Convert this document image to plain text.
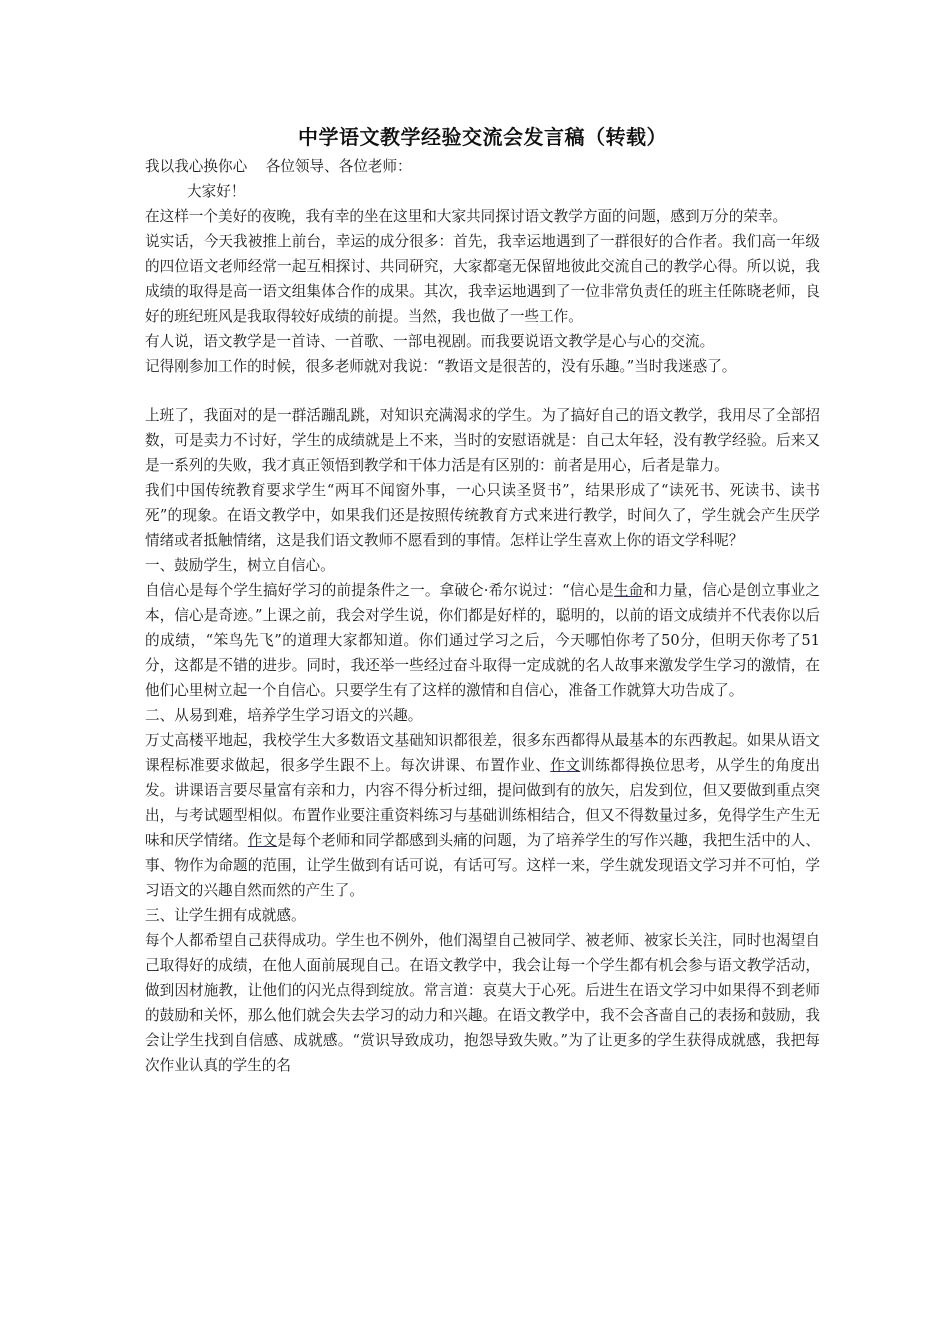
中学语文教学经验交流会发言稿（转载）

我以我心换你心    各位领导、各位老师：

大家好！

在这样一个美好的夜晚，我有幸的坐在这里和大家共同探讨语文教学方面的问题，感到万分的荣幸。

说实话，今天我被推上前台，幸运的成分很多：首先，我幸运地遇到了一群很好的合作者。我们高一年级的四位语文老师经常一起互相探讨、共同研究，大家都毫无保留地彼此交流自己的教学心得。所以说，我成绩的取得是高一语文组集体合作的成果。其次，我幸运地遇到了一位非常负责任的班主任陈晓老师，良好的班纪班风是我取得较好成绩的前提。当然，我也做了一些工作。

有人说，语文教学是一首诗、一首歌、一部电视剧。而我要说语文教学是心与心的交流。

记得刚参加工作的时候，很多老师就对我说：“教语文是很苦的，没有乐趣。”当时我迷惑了。

上班了，我面对的是一群活蹦乱跳，对知识充满渴求的学生。为了搞好自己的语文教学，我用尽了全部招数，可是卖力不讨好，学生的成绩就是上不来，当时的安慰语就是：自己太年轻，没有教学经验。后来又是一系列的失败，我才真正领悟到教学和干体力活是有区别的：前者是用心，后者是靠力。

我们中国传统教育要求学生“两耳不闻窗外事，一心只读圣贤书”，结果形成了“读死书、死读书、读书死”的现象。在语文教学中，如果我们还是按照传统教育方式来进行教学，时间久了，学生就会产生厌学情绪或者抵触情绪，这是我们语文教师不愿看到的事情。怎样让学生喜欢上你的语文学科呢？

一、鼓励学生，树立自信心。

自信心是每个学生搞好学习的前提条件之一。拿破仑·希尔说过：“信心是生命和力量，信心是创立事业之本，信心是奇迹。”上课之前，我会对学生说，你们都是好样的，聪明的，以前的语文成绩并不代表你以后的成绩，“笨鸟先飞”的道理大家都知道。你们通过学习之后，今天哪怕你考了50分，但明天你考了51分，这都是不错的进步。同时，我还举一些经过奋斗取得一定成就的名人故事来激发学生学习的激情，在他们心里树立起一个自信心。只要学生有了这样的激情和自信心，准备工作就算大功告成了。

二、从易到难，培养学生学习语文的兴趣。

万丈高楼平地起，我校学生大多数语文基础知识都很差，很多东西都得从最基本的东西教起。如果从语文课程标准要求做起，很多学生跟不上。每次讲课、布置作业、作文训练都得换位思考，从学生的角度出发。讲课语言要尽量富有亲和力，内容不得分析过细，提问做到有的放矢，启发到位，但又要做到重点突出，与考试题型相似。布置作业要注重资料练习与基础训练相结合，但又不得数量过多，免得学生产生无味和厌学情绪。作文是每个老师和同学都感到头痛的问题，为了培养学生的写作兴趣，我把生活中的人、事、物作为命题的范围，让学生做到有话可说，有话可写。这样一来，学生就发现语文学习并不可怕，学习语文的兴趣自然而然的产生了。

三、让学生拥有成就感。

每个人都希望自己获得成功。学生也不例外，他们渴望自己被同学、被老师、被家长关注，同时也渴望自己取得好的成绩，在他人面前展现自己。在语文教学中，我会让每一个学生都有机会参与语文教学活动，做到因材施教，让他们的闪光点得到绽放。常言道：哀莫大于心死。后进生在语文学习中如果得不到老师的鼓励和关怀，那么他们就会失去学习的动力和兴趣。在语文教学中，我不会吝啬自己的表扬和鼓励，我会让学生找到自信感、成就感。“赏识导致成功，抱怨导致失败。”为了让更多的学生获得成就感，我把每次作业认真的学生的名
